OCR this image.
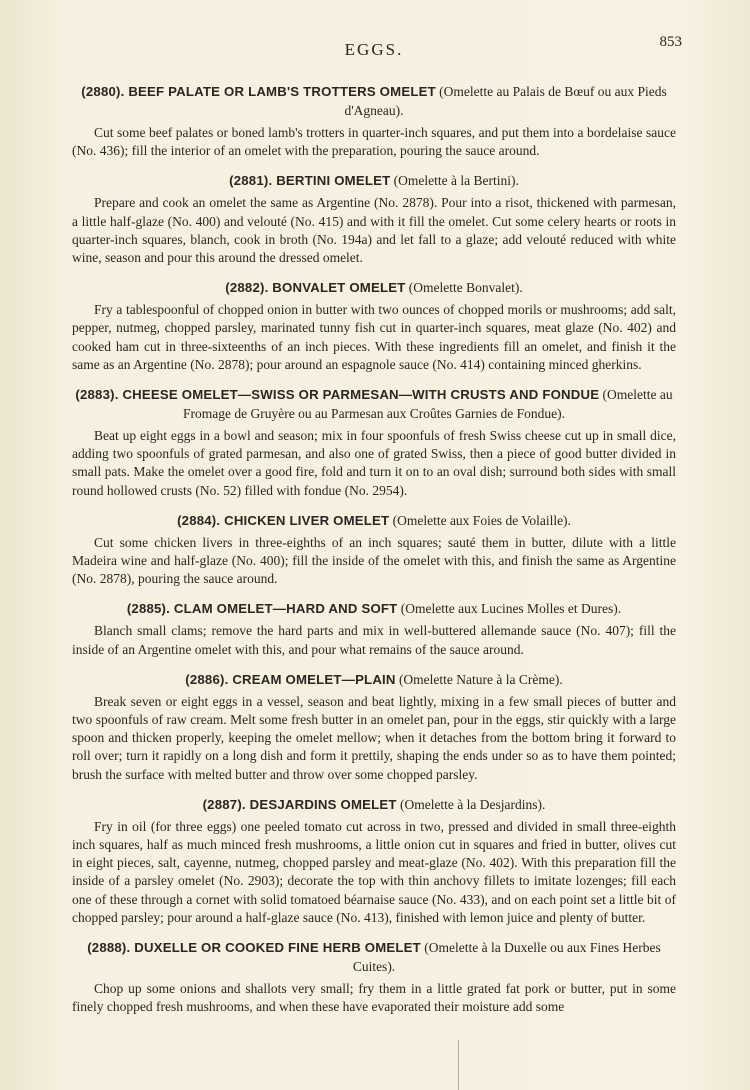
EGGS.	853

(2880). BEEF PALATE OR LAMB'S TROTTERS OMELET (Omelette au Palais de Bœuf ou aux Pieds d'Agneau).

Cut some beef palates or boned lamb's trotters in quarter-inch squares, and put them into a bordelaise sauce (No. 436); fill the interior of an omelet with the preparation, pouring the sauce around.

(2881). BERTINI OMELET (Omelette à la Bertini).

Prepare and cook an omelet the same as Argentine (No. 2878). Pour into a risot, thickened with parmesan, a little half-glaze (No. 400) and velouté (No. 415) and with it fill the omelet. Cut some celery hearts or roots in quarter-inch squares, blanch, cook in broth (No. 194a) and let fall to a glaze; add velouté reduced with white wine, season and pour this around the dressed omelet.

(2882). BONVALET OMELET (Omelette Bonvalet).

Fry a tablespoonful of chopped onion in butter with two ounces of chopped morils or mushrooms; add salt, pepper, nutmeg, chopped parsley, marinated tunny fish cut in quarter-inch squares, meat glaze (No. 402) and cooked ham cut in three-sixteenths of an inch pieces. With these ingredients fill an omelet, and finish it the same as an Argentine (No. 2878); pour around an espagnole sauce (No. 414) containing minced gherkins.

(2883). CHEESE OMELET—SWISS OR PARMESAN—WITH CRUSTS AND FONDUE (Omelette au Fromage de Gruyère ou au Parmesan aux Croûtes Garnies de Fondue).

Beat up eight eggs in a bowl and season; mix in four spoonfuls of fresh Swiss cheese cut up in small dice, adding two spoonfuls of grated parmesan, and also one of grated Swiss, then a piece of good butter divided in small pats. Make the omelet over a good fire, fold and turn it on to an oval dish; surround both sides with small round hollowed crusts (No. 52) filled with fondue (No. 2954).

(2884). CHICKEN LIVER OMELET (Omelette aux Foies de Volaille).

Cut some chicken livers in three-eighths of an inch squares; sauté them in butter, dilute with a little Madeira wine and half-glaze (No. 400); fill the inside of the omelet with this, and finish the same as Argentine (No. 2878), pouring the sauce around.

(2885). CLAM OMELET—HARD AND SOFT (Omelette aux Lucines Molles et Dures).

Blanch small clams; remove the hard parts and mix in well-buttered allemande sauce (No. 407); fill the inside of an Argentine omelet with this, and pour what remains of the sauce around.

(2886). CREAM OMELET—PLAIN (Omelette Nature à la Crème).

Break seven or eight eggs in a vessel, season and beat lightly, mixing in a few small pieces of butter and two spoonfuls of raw cream. Melt some fresh butter in an omelet pan, pour in the eggs, stir quickly with a large spoon and thicken properly, keeping the omelet mellow; when it detaches from the bottom bring it forward to roll over; turn it rapidly on a long dish and form it prettily, shaping the ends under so as to have them pointed; brush the surface with melted butter and throw over some chopped parsley.

(2887). DESJARDINS OMELET (Omelette à la Desjardins).

Fry in oil (for three eggs) one peeled tomato cut across in two, pressed and divided in small three-eighth inch squares, half as much minced fresh mushrooms, a little onion cut in squares and fried in butter, olives cut in eight pieces, salt, cayenne, nutmeg, chopped parsley and meat-glaze (No. 402). With this preparation fill the inside of a parsley omelet (No. 2903); decorate the top with thin anchovy fillets to imitate lozenges; fill each one of these through a cornet with solid tomatoed béarnaise sauce (No. 433), and on each point set a little bit of chopped parsley; pour around a half-glaze sauce (No. 413), finished with lemon juice and plenty of butter.

(2888). DUXELLE OR COOKED FINE HERB OMELET (Omelette à la Duxelle ou aux Fines Herbes Cuites).

Chop up some onions and shallots very small; fry them in a little grated fat pork or butter, put in some finely chopped fresh mushrooms, and when these have evaporated their moisture add some
